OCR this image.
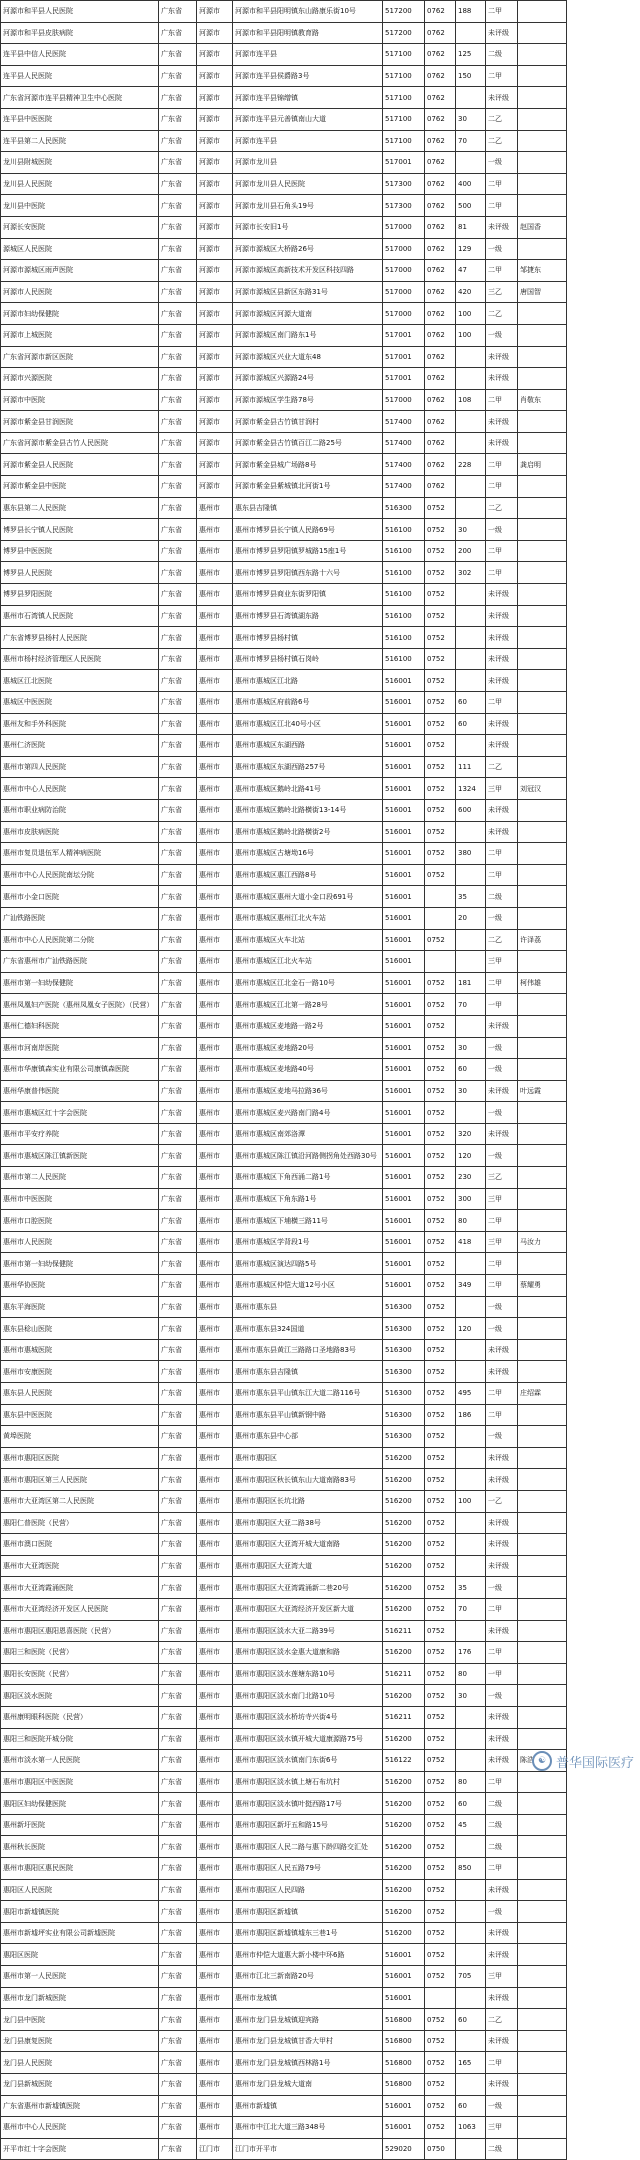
河源市和平县人民医院	广东省	河源市	河源市和平县阳明镇东山路康乐街10号	517200	0762	188	二甲	
河源市和平县皮肤病院	广东省	河源市	河源市和平县阳明镇教育路	517200	0762		未评级	
连平县中信人民医院	广东省	河源市	河源市连平县	517100	0762	125	二级	
连平县人民医院	广东省	河源市	河源市连平县侯爵路3号	517100	0762	150	二甲	
广东省河源市连平县精神卫生中心医院	广东省	河源市	河源市连平县锦缯镇	517100	0762		未评级	
连平县中医医院	广东省	河源市	河源市连平县元善镇南山大道	517100	0762	30	二乙	
连平县第二人民医院	广东省	河源市	河源市连平县	517100	0762	70	二乙	
龙川县附城医院	广东省	河源市	河源市龙川县	517001	0762		一级	
龙川县人民医院	广东省	河源市	河源市龙川县人民医院	517300	0762	400	二甲	
龙川县中医院	广东省	河源市	河源市龙川县石角头19号	517300	0762	500	二甲	
河源长安医院	广东省	河源市	河源市长安旧1号	517000	0762	81	未评级	赵国香
源城区人民医院	广东省	河源市	河源市源城区大桥路26号	517000	0762	129	一级	
河源市源城区雨声医院	广东省	河源市	河源市源城区高新技术开发区科技四路	517000	0762	47	二甲	邹捷东
河源市人民医院	广东省	河源市	河源市源城区县新区东路31号	517000	0762	420	三乙	唐国智
河源市妇幼保健院	广东省	河源市	河源市源城区河源大道南	517000	0762	100	二乙	
河源市上城医院	广东省	河源市	河源市源城区南门路东1号	517001	0762	100	一级	
广东省河源市新区医院	广东省	河源市	河源市源城区兴业大道东48	517001	0762		未评级	
河源市兴源医院	广东省	河源市	河源市源城区兴源路24号	517001	0762		未评级	
河源市中医院	广东省	河源市	河源市源城区学生路78号	517000	0762	108	二甲	肖敬东
河源市紫金县甘润医院	广东省	河源市	河源市紫金县古竹镇甘润村	517400	0762		未评级	
广东省河源市紫金县古竹人民医院	广东省	河源市	河源市紫金县古竹镇百江二路25号	517400	0762		未评级	
河源市紫金县人民医院	广东省	河源市	河源市紫金县城广场路8号	517400	0762	228	二甲	龚启明
河源市紫金县中医院	广东省	河源市	河源市紫金县紫城镇北河街1号	517400	0762		二甲	
惠东县第二人民医院	广东省	惠州市	惠东县吉隆镇	516300	0752		二乙	
博罗县长宁镇人民医院	广东省	惠州市	惠州市博罗县长宁镇人民路69号	516100	0752	30	一级	
博罗县中医医院	广东省	惠州市	惠州市博罗县罗阳镇罗城路15座1号	516100	0752	200	二甲	
博罗县人民医院	广东省	惠州市	惠州市博罗县罗阳镇西东路十六号	516100	0752	302	二甲	
博罗县罗阳医院	广东省	惠州市	惠州市博罗县商业东街罗阳镇	516100	0752		未评级	
惠州市石湾镇人民医院	广东省	惠州市	惠州市博罗县石湾镇湖东路	516100	0752		未评级	
广东省博罗县杨村人民医院	广东省	惠州市	惠州市博罗县杨村镇	516100	0752		未评级	
惠州市杨村经济管理区人民医院	广东省	惠州市	惠州市博罗县杨村镇石岗岭	516100	0752		未评级	
惠城区江北医院	广东省	惠州市	惠州市惠城区江北路	516001	0752		未评级	
惠城区中医医院	广东省	惠州市	惠州市惠城区府前路6号	516001	0752	60	二甲	
惠州友和手外科医院	广东省	惠州市	惠州市惠城区江北40号小区	516001	0752	60	未评级	
惠州仁济医院	广东省	惠州市	惠州市惠城区东湖西路	516001	0752		未评级	
惠州市第四人民医院	广东省	惠州市	惠州市惠城区东湖西路257号	516001	0752	111	二乙	
惠州市中心人民医院	广东省	惠州市	惠州市惠城区鹅岭北路41号	516001	0752	1324	三甲	刘冠汉
惠州市职业病防治院	广东省	惠州市	惠州市惠城区鹅岭北路横街13-14号	516001	0752	600	未评级	
惠州市皮肤病医院	广东省	惠州市	惠州市惠城区鹅岭北路横街2号	516001	0752		未评级	
惠州市复员退伍军人精神病医院	广东省	惠州市	惠州市惠城区古塘坳16号	516001	0752	380	二甲	
惠州市中心人民医院南坛分院	广东省	惠州市	惠州市惠城区惠江西路8号	516001	0752		二甲	
惠州市小金口医院	广东省	惠州市	惠州市惠城区惠州大道小金口段691号	516001		35	二级	
广汕铁路医院	广东省	惠州市	惠州市惠城区惠州江北火车站	516001		20	一级	
惠州市中心人民医院第二分院	广东省	惠州市	惠州市惠城区火车北站	516001	0752		二乙	许泽荔
广东省惠州市广汕铁路医院	广东省	惠州市	惠州市惠城区江北火车站	516001			三甲	
惠州市第一妇幼保健院	广东省	惠州市	惠州市惠城区江北金石一路10号	516001	0752	181	二甲	柯伟雄
惠州凤凰妇产医院（惠州凤凰女子医院）（民营）	广东省	惠州市	惠州市惠城区江北第一路28号	516001	0752	70	一甲	
惠州仁德妇科医院	广东省	惠州市	惠州市惠城区麦地路一路2号	516001	0752		未评级	
惠州市河南岸医院	广东省	惠州市	惠州市惠城区麦地路20号	516001	0752	30	一级	
惠州市华康镇森实业有限公司康镇森医院	广东省	惠州市	惠州市惠城区麦地路40号	516001	0752	60	一级	
惠州华康普伟医院	广东省	惠州市	惠州市惠城区麦地马拉路36号	516001	0752	30	未评级	叶远霞
惠州市惠城区红十字会医院	广东省	惠州市	惠州市惠城区麦兴路南门路4号	516001	0752		一级	
惠州市平安疗养院	广东省	惠州市	惠州市惠城区南郊洛潭	516001	0752	320	未评级	
惠州市惠城区陈江镇新医院	广东省	惠州市	惠州市惠城区陈江镇沿河路侧拐角处西路30号	516001	0752	120	一级	
惠州市第二人民医院	广东省	惠州市	惠州市惠城区下角西涌二路1号	516001	0752	230	三乙	
惠州市中医医院	广东省	惠州市	惠州市惠城区下角东路1号	516001	0752	300	三甲	
惠州市口腔医院	广东省	惠州市	惠州市惠城区下埔横三路11号	516001	0752	80	二甲	
惠州市人民医院	广东省	惠州市	惠州市惠城区学背段1号	516001	0752	418	三甲	马汝力
惠州市第一妇幼保健院	广东省	惠州市	惠州市惠城区演达四路5号	516001	0752		二甲	
惠州华协医院	广东省	惠州市	惠州市惠城区仲恺大道12号小区	516001	0752	349	二甲	蔡耀勇
惠东平海医院	广东省	惠州市	惠州市惠东县	516300	0752		一级	
惠东县稔山医院	广东省	惠州市	惠州市惠东县324国道	516300	0752	120	一级	
惠州市惠城医院	广东省	惠州市	惠州市惠东县黄江三路路口圣地路83号	516300	0752		未评级	
惠州市安康医院	广东省	惠州市	惠州市惠东县吉隆镇	516300	0752		未评级	
惠东县人民医院	广东省	惠州市	惠州市惠东县平山镇东江大道二路116号	516300	0752	495	二甲	庄绍霖
惠东县中医医院	广东省	惠州市	惠州市惠东县平山镇新钢中路	516300	0752	186	二甲	
黄埠医院	广东省	惠州市	惠州市惠东县中心部	516300	0752		一级	
惠州市惠阳区医院	广东省	惠州市	惠州市惠阳区	516200	0752		未评级	
惠州市惠阳区第三人民医院	广东省	惠州市	惠州市惠阳区秋长镇东山大道南路83号	516200	0752		未评级	
惠州市大亚湾区第二人民医院	广东省	惠州市	惠州市惠阳区长坑北路	516200	0752	100	一乙	
惠阳仁普医院（民营）	广东省	惠州市	惠州市惠阳区大亚二路38号	516200	0752		未评级	
惠州市澳口医院	广东省	惠州市	惠州市惠阳区大亚湾开城大道南路	516200	0752		未评级	
惠州市大亚湾医院	广东省	惠州市	惠州市惠阳区大亚湾大道	516200	0752		未评级	
惠州市大亚湾霞涌医院	广东省	惠州市	惠州市惠阳区大亚湾霞涌新二巷20号	516200	0752	35	一级	
惠州市大亚湾经济开发区人民医院	广东省	惠州市	惠州市惠阳区大亚湾经济开发区新大道	516200	0752	70	二甲	
惠州市惠阳区惠阳恩喜医院（民营）	广东省	惠州市	惠州市惠阳区淡水大亚二路39号	516211	0752		未评级	
惠阳三和医院（民营）	广东省	惠州市	惠州市惠阳区淡水金惠大道康和路	516200	0752	176	二甲	
惠阳长安医院（民营）	广东省	惠州市	惠州市惠阳区淡水莲塘东路10号	516211	0752	80	一甲	
惠阳区淡水医院	广东省	惠州市	惠州市惠阳区淡水南门北路10号	516200	0752	30	一级	
惠州康明眼科医院（民营）	广东省	惠州市	惠州市惠阳区淡水桥坊寺兴街4号	516211	0752		未评级	
惠阳三和医院开城分院	广东省	惠州市	惠州市惠阳区淡水镇开城大道康源路75号	516200	0752		未评级	
惠州市淡水第一人民医院	广东省	惠州市	惠州市惠阳区淡水镇南门东街6号	516122	0752		未评级	陈浩
惠州市惠阳区中医医院	广东省	惠州市	惠州市惠阳区淡水镇上塘石布坑村	516200	0752	80	二甲	
惠阳区妇幼保健医院	广东省	惠州市	惠州市惠阳区淡水镇叶挺西路17号	516200	0752	60	二级	
惠州新圩医院	广东省	惠州市	惠州市惠阳区新圩五和路15号	516200	0752	45	二级	
惠州秋长医院	广东省	惠州市	惠州市惠阳区人民二路与惠下龄四路交汇处	516200	0752		二级	
惠州市惠阳区惠民医院	广东省	惠州市	惠州市惠阳区人民五路79号	516200	0752	850	二甲	
惠阳区人民医院	广东省	惠州市	惠州市惠阳区人民四路	516200	0752		未评级	
惠阳市新墟镇医院	广东省	惠州市	惠州市惠阳区新墟镇	516200	0752		一级	
惠州市新墟坪实业有限公司新墟医院	广东省	惠州市	惠州市惠阳区新墟镇墟东三巷1号	516200	0752		未评级	
惠阳区医院	广东省	惠州市	惠州市仲恺大道惠大新小楼中环6路	516001	0752		未评级	
惠州市第一人民医院	广东省	惠州市	惠州市江北三新南路20号	516001	0752	705	三甲	
惠州市龙门新城医院	广东省	惠州市	惠州市龙城镇	516001			未评级	
龙门县中医院	广东省	惠州市	惠州市龙门县龙城镇迎宾路	516800	0752	60	二乙	
龙门县康复医院	广东省	惠州市	惠州市龙门县龙城镇甘香大甲村	516800	0752		未评级	
龙门县人民医院	广东省	惠州市	惠州市龙门县龙城镇西林路1号	516800	0752	165	二甲	
龙门县新城医院	广东省	惠州市	惠州市龙门县龙城大道南	516800	0752		未评级	
广东省惠州市新墟镇医院	广东省	惠州市	惠州市新墟镇	516001	0752	60	一级	
惠州市中心人民医院	广东省	惠州市	惠州市中江北大道三路348号	516001	0752	1063	三甲	
开平市红十字会医院	广东省	江门市	江门市开平市	529020	0750		二级	
☯ 普华国际医疗
